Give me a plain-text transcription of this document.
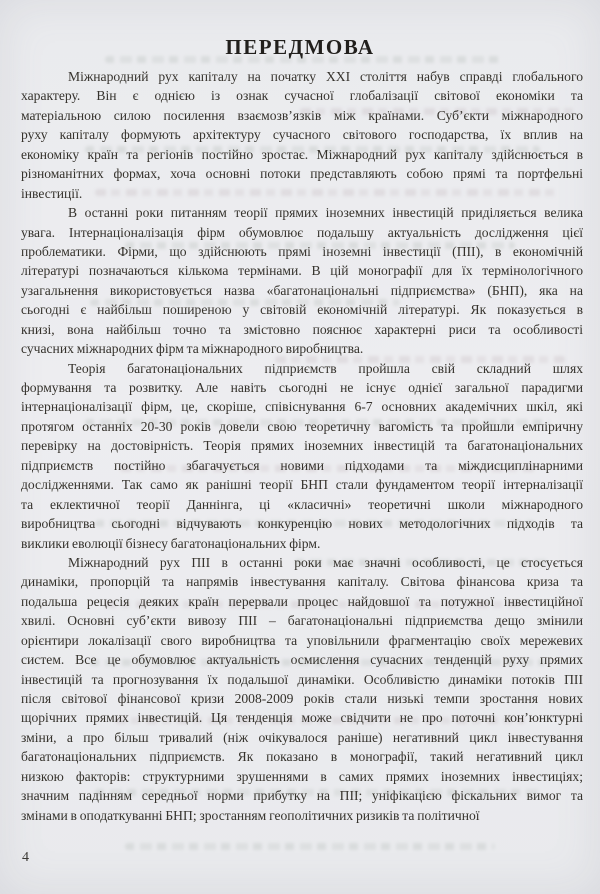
ПЕРЕДМОВА
Міжнародний рух капіталу на початку XXI століття набув справді глобального
характеру. Він є однією із ознак сучасної глобалізації світової економіки та
матеріальною силою посилення взаємозв’язків між країнами. Суб’єкти міжнародного
руху капіталу формують архітектуру сучасного світового господарства, їх вплив на
економіку країн та регіонів постійно зростає. Міжнародний рух капіталу здійснюється в
різноманітних формах, хоча основні потоки представляють собою прямі та портфельні
інвестиції.
В останні роки питанням теорії прямих іноземних інвестицій приділяється велика
увага. Інтернаціоналізація фірм обумовлює подальшу актуальність дослідження цієї
проблематики. Фірми, що здійснюють прямі іноземні інвестиції (ПІІ), в економічній
літературі позначаються кількома термінами. В цій монографії для їх термінологічного
узагальнення використовується назва «багатонаціональні підприємства» (БНП), яка на
сьогодні є найбільш поширеною у світовій економічній літературі. Як показується в
книзі, вона найбільш точно та змістовно пояснює характерні риси та особливості
сучасних міжнародних фірм та міжнародного виробництва.
Теорія багатонаціональних підприємств пройшла свій складний шлях
формування та розвитку. Але навіть сьогодні не існує однієї загальної парадигми
інтернаціоналізації фірм, це, скоріше, співіснування 6-7 основних академічних шкіл, які
протягом останніх 20-30 років довели свою теоретичну вагомість та пройшли емпіричну
перевірку на достовірність. Теорія прямих іноземних інвестицій та багатонаціональних
підприємств постійно збагачується новими підходами та міждисциплінарними
дослідженнями. Так само як ранішні теорії БНП стали фундаментом теорії інтерналізації
та еклектичної теорії Даннінга, ці «класичні» теоретичні школи міжнародного
виробництва сьогодні відчувають конкуренцію нових методологічних підходів та
виклики еволюції бізнесу багатонаціональних фірм.
Міжнародний рух ПІІ в останні роки має значні особливості, це стосується
динаміки, пропорцій та напрямів інвестування капіталу. Світова фінансова криза та
подальша рецесія деяких країн перервали процес найдовшої та потужної інвестиційної
хвилі. Основні суб’єкти вивозу ПІІ – багатонаціональні підприємства дещо змінили
орієнтири локалізації свого виробництва та уповільнили фрагментацію своїх мережевих
систем. Все це обумовлює актуальність осмислення сучасних тенденцій руху прямих
інвестицій та прогнозування їх подальшої динаміки. Особливістю динаміки потоків ПІІ
після світової фінансової кризи 2008-2009 років стали низькі темпи зростання нових
щорічних прямих інвестицій. Ця тенденція може свідчити не про поточні кон’юнктурні
зміни, а про більш тривалий (ніж очікувалося раніше) негативний цикл інвестування
багатонаціональних підприємств. Як показано в монографії, такий негативний цикл
низкою факторів: структурними зрушеннями в самих прямих іноземних інвестиціях;
значним падінням середньої норми прибутку на ПІІ; уніфікацією фіскальних вимог та
змінами в оподаткуванні БНП; зростанням геополітичних ризиків та політичної
4
